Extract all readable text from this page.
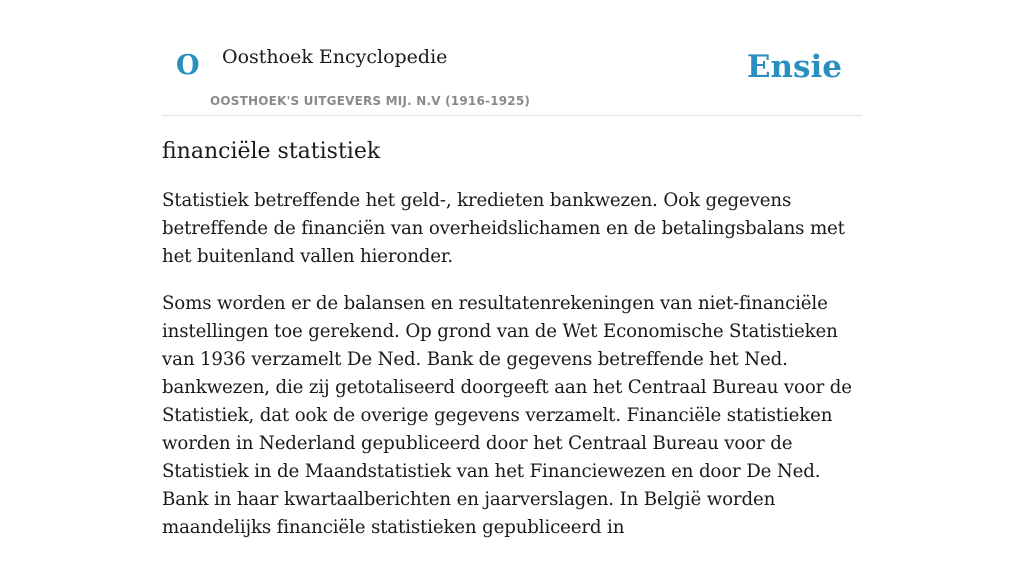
O Oosthoek Encyclopedie
OOSTHOEK'S UITGEVERS MIJ. N.V (1916-1925)
Ensie
financiële statistiek

Statistiek betreffende het geld-, kredieten bankwezen. Ook gegevens betreffende de financiën van overheidslichamen en de betalingsbalans met het buitenland vallen hieronder.

Soms worden er de balansen en resultatenrekeningen van niet-financiële instellingen toe gerekend. Op grond van de Wet Economische Statistieken van 1936 verzamelt De Ned. Bank de gegevens betreffende het Ned. bankwezen, die zij getotaliseerd doorgeeft aan het Centraal Bureau voor de Statistiek, dat ook de overige gegevens verzamelt. Financiële statistieken worden in Nederland gepubliceerd door het Centraal Bureau voor de Statistiek in de Maandstatistiek van het Financiewezen en door De Ned. Bank in haar kwartaalberichten en jaarverslagen. In België worden maandelijks financiële statistieken gepubliceerd in
